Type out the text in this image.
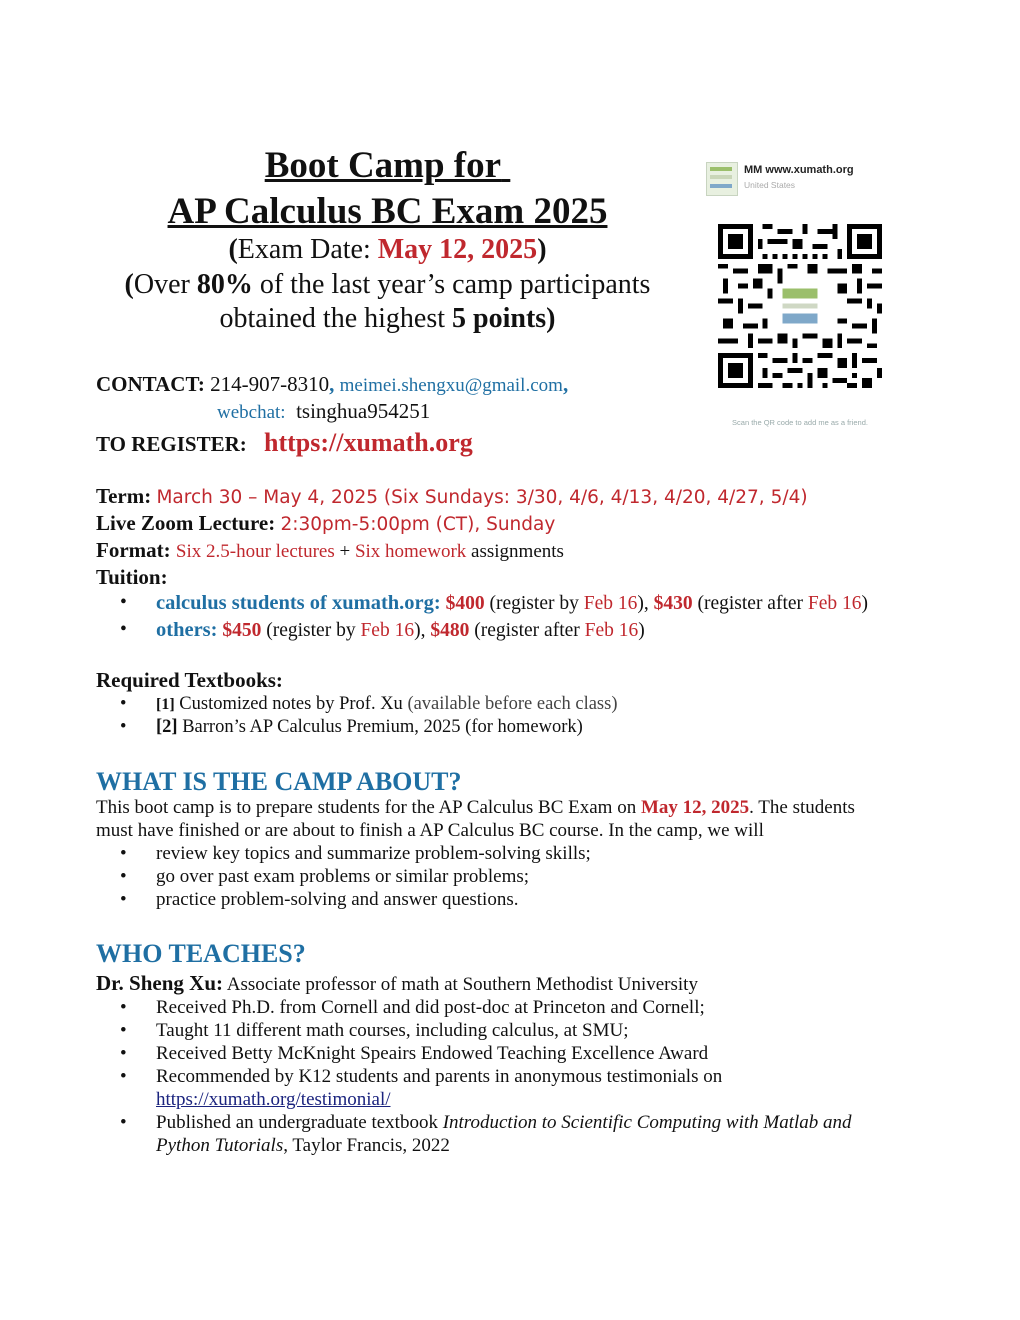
Boot Camp for
AP Calculus BC Exam 2025
(Exam Date: May 12, 2025)
(Over 80% of the last year’s camp participants
obtained the highest 5 points)
MM www.xumath.org
United States
Scan the QR code to add me as a friend.
CONTACT: 214-907-8310, meimei.shengxu@gmail.com,
webchat: tsinghua954251
TO REGISTER: https://xumath.org
Term: March 30 – May 4, 2025 (Six Sundays: 3/30, 4/6, 4/13, 4/20, 4/27, 5/4)
Live Zoom Lecture: 2:30pm-5:00pm (CT), Sunday
Format: Six 2.5-hour lectures + Six homework assignments
Tuition:
•	calculus students of xumath.org: $400 (register by Feb 16), $430 (register after Feb 16)
•	others: $450 (register by Feb 16), $480 (register after Feb 16)
Required Textbooks:
•	[1] Customized notes by Prof. Xu (available before each class)
•	[2] Barron’s AP Calculus Premium, 2025 (for homework)
WHAT IS THE CAMP ABOUT?
This boot camp is to prepare students for the AP Calculus BC Exam on May 12, 2025. The students
must have finished or are about to finish a AP Calculus BC course. In the camp, we will
•	review key topics and summarize problem-solving skills;
•	go over past exam problems or similar problems;
•	practice problem-solving and answer questions.
WHO TEACHES?
Dr. Sheng Xu: Associate professor of math at Southern Methodist University
•	Received Ph.D. from Cornell and did post-doc at Princeton and Cornell;
•	Taught 11 different math courses, including calculus, at SMU;
•	Received Betty McKnight Speairs Endowed Teaching Excellence Award
•	Recommended by K12 students and parents in anonymous testimonials on
https://xumath.org/testimonial/
•	Published an undergraduate textbook Introduction to Scientific Computing with Matlab and
Python Tutorials, Taylor Francis, 2022
